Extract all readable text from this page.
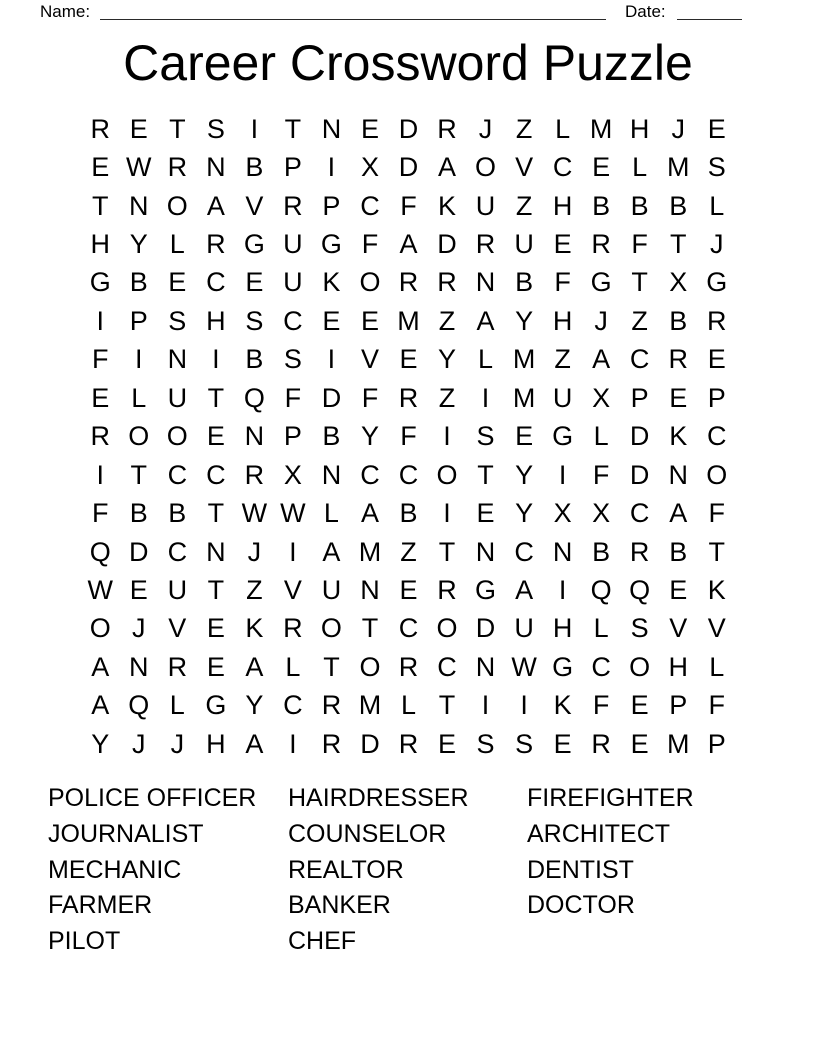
Name:	Date:
Career Crossword Puzzle
R E T S I T N E D R J Z L M H J E
E W R N B P I X D A O V C E L M S
T N O A V R P C F K U Z H B B B L
H Y L R G U G F A D R U E R F T J
G B E C E U K O R R N B F G T X G
I P S H S C E E M Z A Y H J Z B R
F I N I B S I V E Y L M Z A C R E
E L U T Q F D F R Z I M U X P E P
R O O E N P B Y F I S E G L D K C
I T C C R X N C C O T Y I F D N O
F B B T W W L A B I E Y X X C A F
Q D C N J	I A M Z T N C N B R B T
W E U T Z V U N E R G A I Q Q E K
O J V E K R O T C O D U H L S V V
A N R E A L T O R C N W G C O H L
A Q L G Y C R M L T I	I K F E P F
Y J J H A I R D R E S S E R E M P
POLICE OFFICER
JOURNALIST
MECHANIC
FARMER
PILOT
HAIRDRESSER
COUNSELOR
REALTOR
BANKER
CHEF
FIREFIGHTER
ARCHITECT
DENTIST
DOCTOR
